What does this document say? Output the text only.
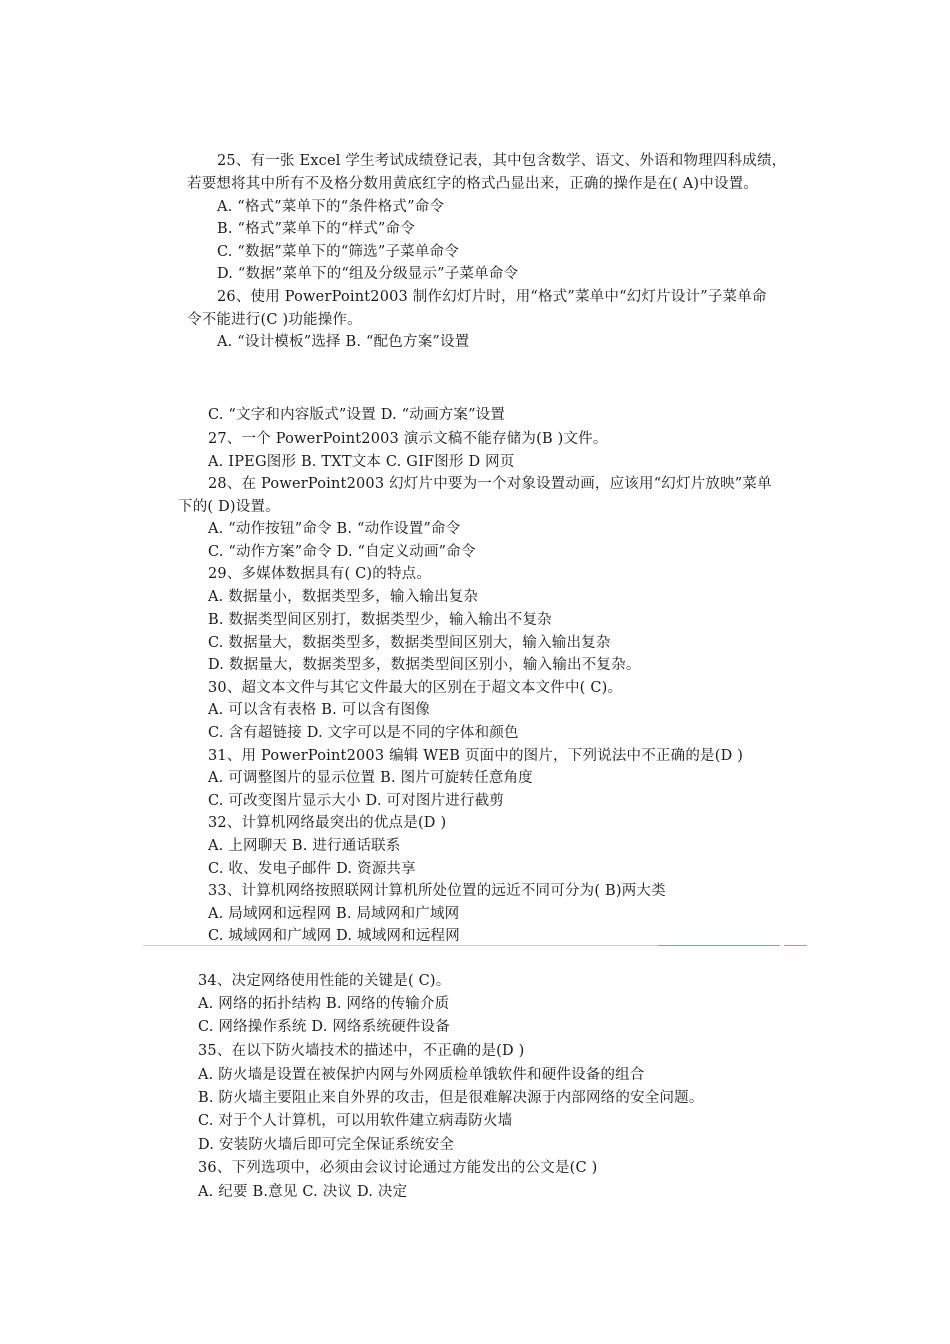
25、有一张 Excel 学生考试成绩登记表，其中包含数学、语文、外语和物理四科成绩，
若要想将其中所有不及格分数用黄底红字的格式凸显出来，正确的操作是在( A)中设置。
A. “格式”菜单下的“条件格式”命令
B. “格式”菜单下的“样式”命令
C. “数据”菜单下的“筛选”子菜单命令
D. “数据”菜单下的“组及分级显示”子菜单命令
26、使用 PowerPoint2003 制作幻灯片时，用“格式”菜单中“幻灯片设计”子菜单命
令不能进行(C )功能操作。
A. “设计模板”选择 B. “配色方案”设置
C. “文字和内容版式”设置 D. “动画方案”设置
27、一个 PowerPoint2003 演示文稿不能存储为(B )文件。
A. IPEG图形 B. TXT文本 C. GIF图形 D 网页
28、在 PowerPoint2003 幻灯片中要为一个对象设置动画，应该用“幻灯片放映”菜单
下的( D)设置。
A. “动作按钮”命令 B. “动作设置”命令
C. “动作方案”命令 D. “自定义动画”命令
29、多媒体数据具有( C)的特点。
A. 数据量小，数据类型多，输入输出复杂
B. 数据类型间区别打，数据类型少，输入输出不复杂
C. 数据量大，数据类型多，数据类型间区别大，输入输出复杂
D. 数据量大，数据类型多，数据类型间区别小，输入输出不复杂。
30、超文本文件与其它文件最大的区别在于超文本文件中( C)。
A. 可以含有表格 B. 可以含有图像
C. 含有超链接 D. 文字可以是不同的字体和颜色
31、用 PowerPoint2003 编辑 WEB 页面中的图片，下列说法中不正确的是(D )
A. 可调整图片的显示位置 B. 图片可旋转任意角度
C. 可改变图片显示大小 D. 可对图片进行截剪
32、计算机网络最突出的优点是(D )
A. 上网聊天 B. 进行通话联系
C. 收、发电子邮件 D. 资源共享
33、计算机网络按照联网计算机所处位置的远近不同可分为( B)两大类
A. 局域网和远程网 B. 局域网和广域网
C. 城域网和广域网 D. 城域网和远程网
34、决定网络使用性能的关键是( C)。
A. 网络的拓扑结构 B. 网络的传输介质
C. 网络操作系统 D. 网络系统硬件设备
35、在以下防火墙技术的描述中，不正确的是(D )
A. 防火墙是设置在被保护内网与外网质检单饿软件和硬件设备的组合
B. 防火墙主要阻止来自外界的攻击，但是很难解决源于内部网络的安全问题。
C. 对于个人计算机，可以用软件建立病毒防火墙
D. 安装防火墙后即可完全保证系统安全
36、下列选项中，必须由会议讨论通过方能发出的公文是(C )
A. 纪要 B.意见 C. 决议 D. 决定
